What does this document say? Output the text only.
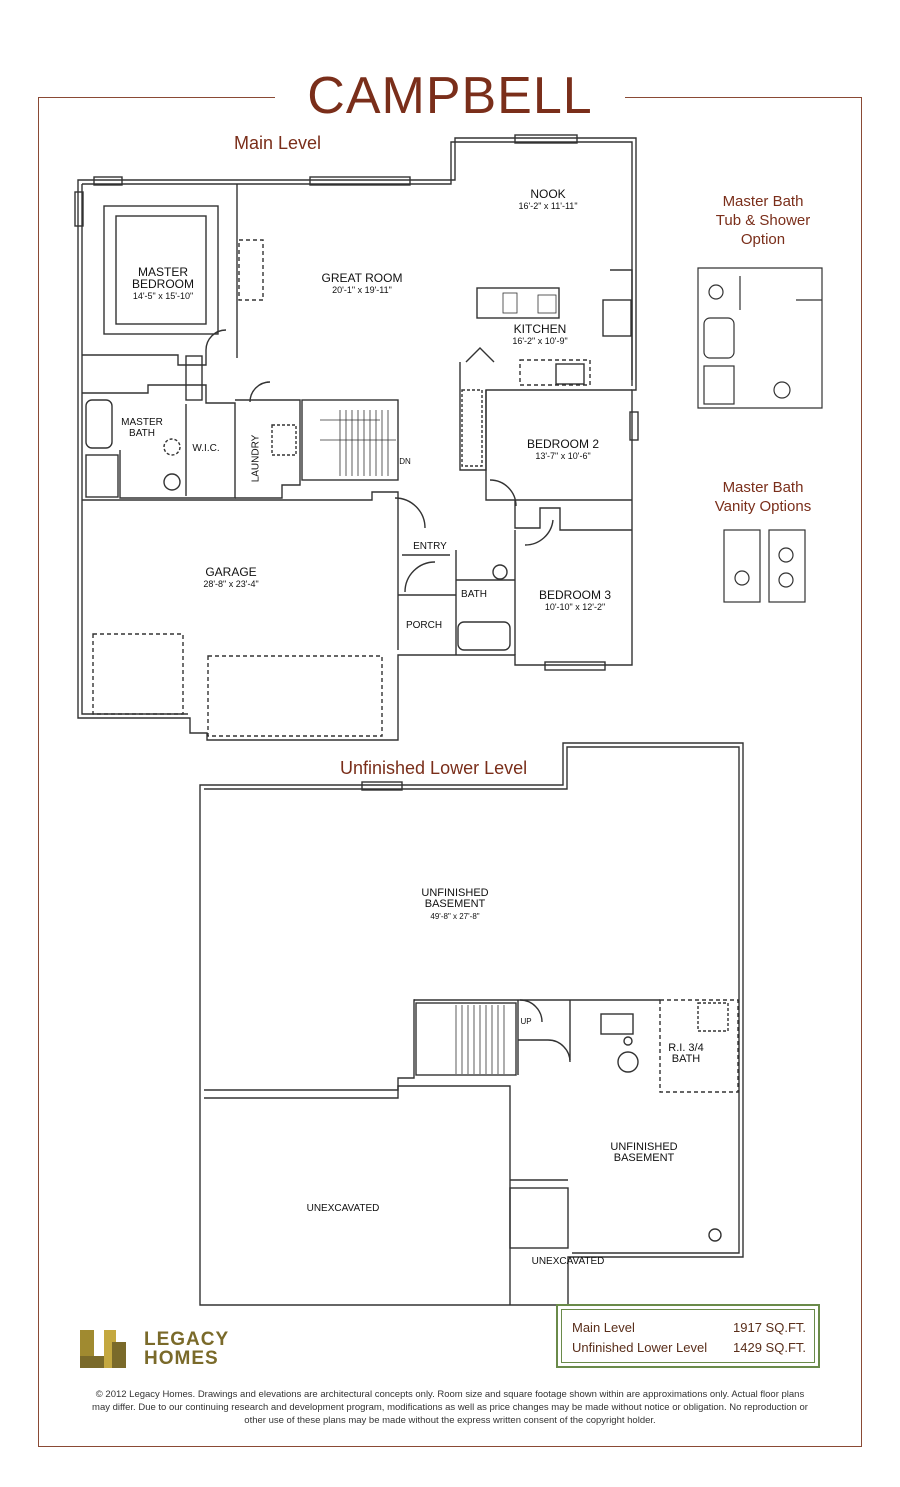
CAMPBELL
Main Level
Unfinished Lower Level
Master Bath
Tub & Shower
Option
Master Bath
Vanity Options

MASTER
BEDROOM

14'-5" x 15'-10"

GREAT ROOM
20'-1" x 19'-11"
NOOK
16'-2" x 11'-11"
KITCHEN
16'-2" x 10'-9"
BEDROOM 2
13'-7" x 10'-6"
GARAGE
28'-8" x 23'-4"
BEDROOM 3
10'-10" x 12'-2"
MASTER
BATH
W.I.C.	LAUNDRY	DN
ENTRY
BATH
PORCH
UNFINISHED
BASEMENT
49'-8" x 27'-8"
UP
R.I. 3/4
BATH
UNFINISHED
BASEMENT
UNEXCAVATED
UNEXCAVATED
LEGACY
HOMES
Main Level	1917 SQ.FT.
Unfinished Lower Level 1429 SQ.FT.
© 2012 Legacy Homes. Drawings and elevations are architectural concepts only. Room size and square footage shown within are approximations only. Actual floor plans may differ. Due to our continuing research and development program, modifications as well as price changes may be made without notice or obligation. No reproduction or other use of these plans may be made without the express written consent of the copyright holder.
